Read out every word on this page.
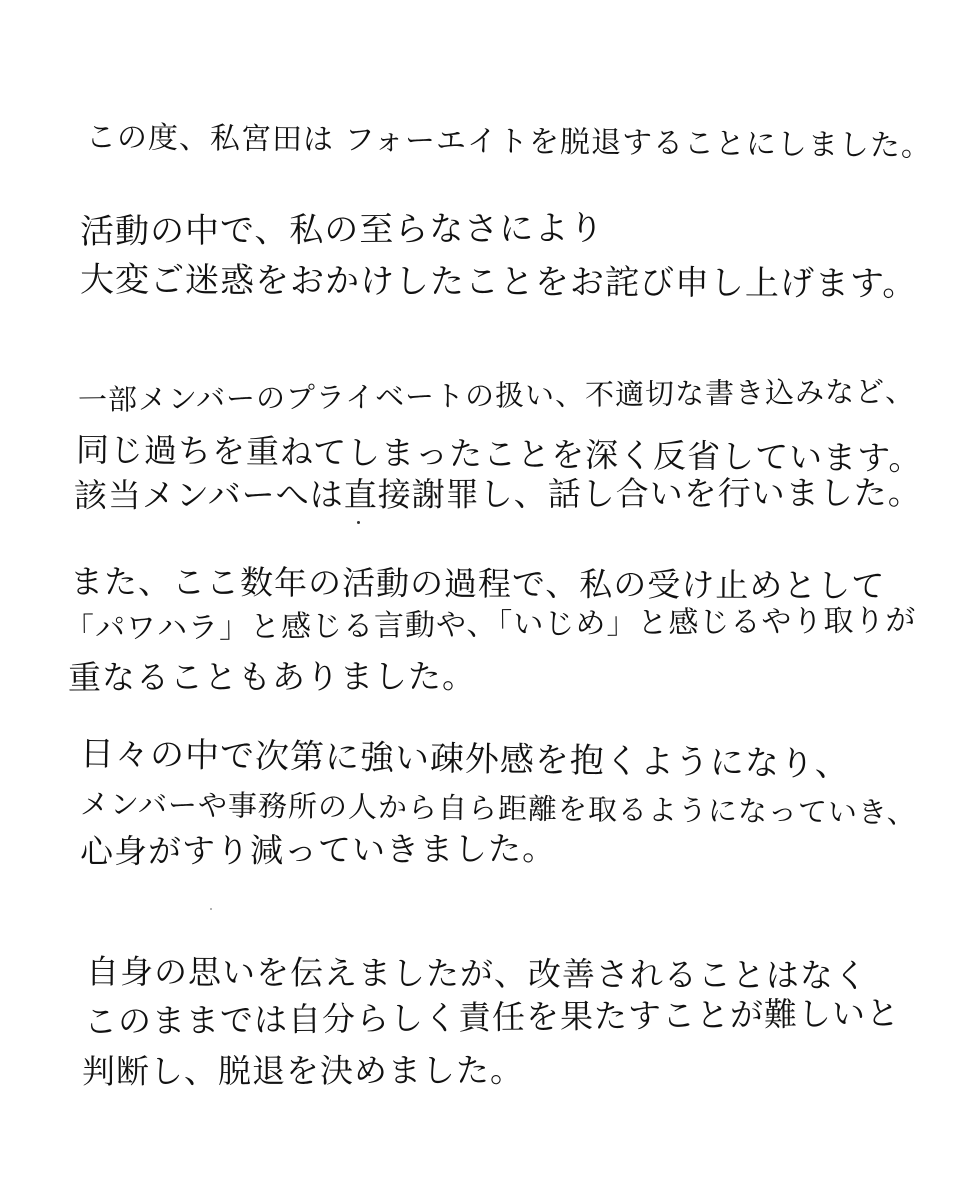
この度、私宮田は フォーエイトを脱退することにしました。
活動の中で、私の至らなさにより
大変ご迷惑をおかけしたことをお詫び申し上げます。
一部メンバーのプライベートの扱い、不適切な書き込みなど、
同じ過ちを重ねてしまったことを深く反省しています。
該当メンバーへは直接謝罪し、話し合いを行いました。
また、ここ数年の活動の過程で、私の受け止めとして
「パワハラ」と感じる言動や、「いじめ」と感じるやり取りが
重なることもありました。
日々の中で次第に強い疎外感を抱くようになり、
メンバーや事務所の人から自ら距離を取るようになっていき、
心身がすり減っていきました。
自身の思いを伝えましたが、改善されることはなく
このままでは自分らしく責任を果たすことが難しいと
判断し、脱退を決めました。
